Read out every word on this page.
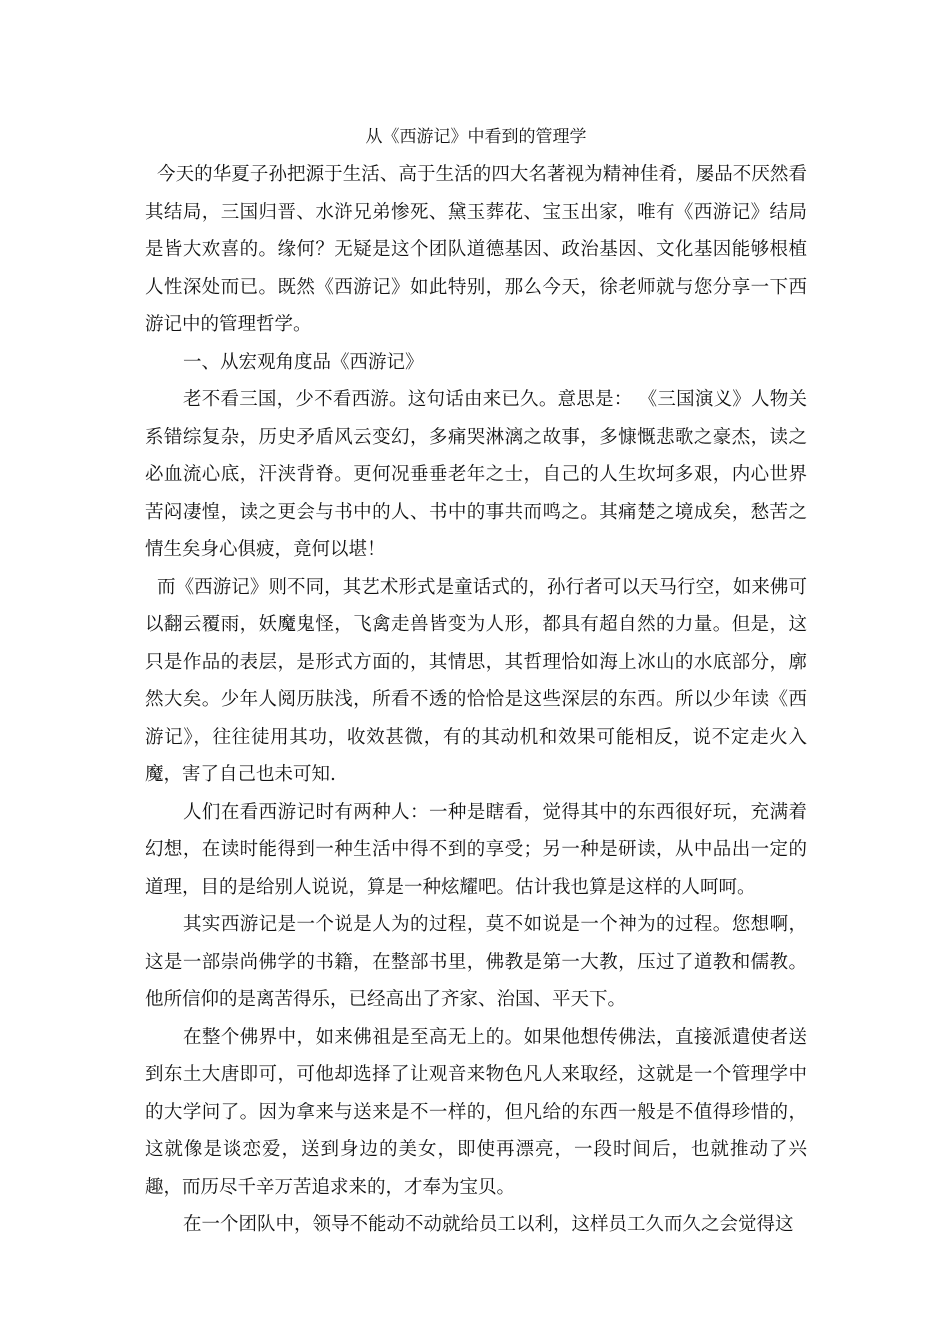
从《西游记》中看到的管理学

今天的华夏子孙把源于生活、高于生活的四大名著视为精神佳肴，屡品不厌然看其结局，三国归晋、水浒兄弟惨死、黛玉葬花、宝玉出家，唯有《西游记》结局是皆大欢喜的。缘何？无疑是这个团队道德基因、政治基因、文化基因能够根植人性深处而已。既然《西游记》如此特别，那么今天，徐老师就与您分享一下西游记中的管理哲学。

一、从宏观角度品《西游记》

老不看三国，少不看西游。这句话由来已久。意思是： 《三国演义》人物关系错综复杂，历史矛盾风云变幻，多痛哭淋漓之故事，多慷慨悲歌之豪杰，读之必血流心底，汗浃背脊。更何况垂垂老年之士，自己的人生坎坷多艰，内心世界苦闷凄惶，读之更会与书中的人、书中的事共而鸣之。其痛楚之境成矣，愁苦之情生矣身心俱疲，竟何以堪！

而《西游记》则不同，其艺术形式是童话式的，孙行者可以天马行空，如来佛可以翻云覆雨，妖魔鬼怪，飞禽走兽皆变为人形，都具有超自然的力量。但是，这只是作品的表层，是形式方面的，其情思，其哲理恰如海上冰山的水底部分，廓然大矣。少年人阅历肤浅，所看不透的恰恰是这些深层的东西。所以少年读《西游记》，往往徒用其功，收效甚微，有的其动机和效果可能相反，说不定走火入魔，害了自己也未可知.

人们在看西游记时有两种人：一种是瞎看，觉得其中的东西很好玩，充满着幻想，在读时能得到一种生活中得不到的享受；另一种是研读，从中品出一定的道理，目的是给别人说说，算是一种炫耀吧。估计我也算是这样的人呵呵。

其实西游记是一个说是人为的过程，莫不如说是一个神为的过程。您想啊，这是一部崇尚佛学的书籍，在整部书里，佛教是第一大教，压过了道教和儒教。他所信仰的是离苦得乐，已经高出了齐家、治国、平天下。

在整个佛界中，如来佛祖是至高无上的。如果他想传佛法，直接派遣使者送到东土大唐即可，可他却选择了让观音来物色凡人来取经，这就是一个管理学中的大学问了。因为拿来与送来是不一样的，但凡给的东西一般是不值得珍惜的，这就像是谈恋爱，送到身边的美女，即使再漂亮，一段时间后，也就推动了兴趣，而历尽千辛万苦追求来的，才奉为宝贝。

在一个团队中，领导不能动不动就给员工以利，这样员工久而久之会觉得这
